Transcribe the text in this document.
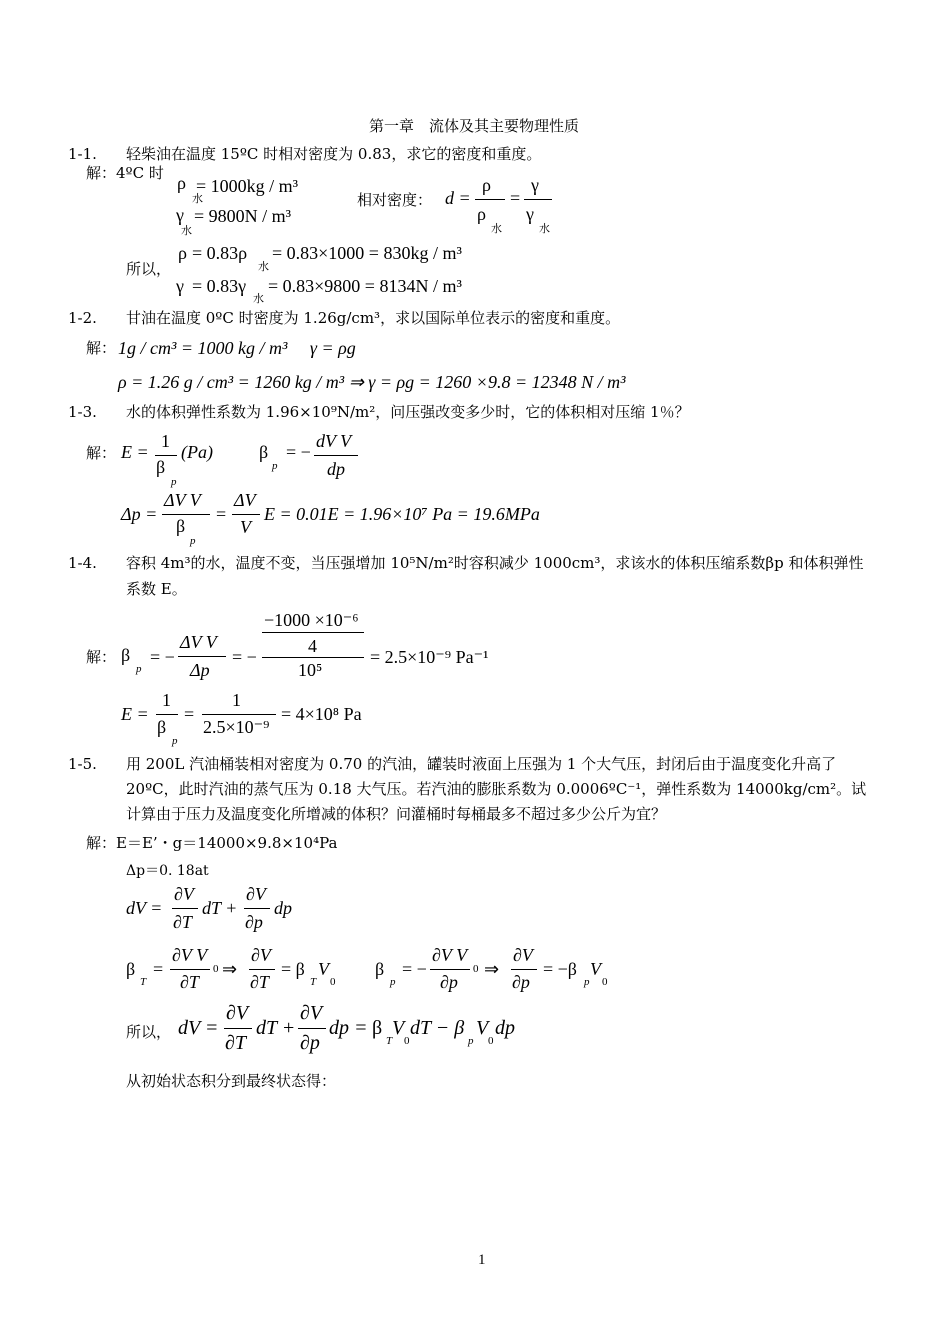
第一章　流体及其主要物理性质
1-1. 轻柴油在温度 15ºC 时相对密度为 0.83，求它的密度和重度。
解：4ºC 时 ρ
水
= 1000kg / m³
γ
水
= 9800N / m³
相对密度： d =
ρ
ρ
水
=
γ
γ
水
所以，
ρ = 0.83ρ
水
= 0.83×1000 = 830kg / m³
γ = 0.83γ
水
= 0.83×9800 = 8134N / m³
1-2. 甘油在温度 0ºC 时密度为 1.26g/cm³，求以国际单位表示的密度和重度。
解： 1g / cm³ = 1000 kg / m³　 γ = ρg
ρ = 1.26 g / cm³ = 1260 kg / m³ ⇒ γ = ρg = 1260 ×9.8 = 12348 N / m³
1-3. 水的体积弹性系数为 1.96×10⁹N/m²，问压强改变多少时，它的体积相对压缩 1％？
解： E =
1
β
p
(Pa)	β
p
= −
dV V
dp
Δp =
ΔV V
β
p
=
ΔV
V
E = 0.01E = 1.96×10⁷ Pa = 19.6MPa
1-4. 容积 4m³的水，温度不变，当压强增加 10⁵N/m²时容积减少 1000cm³，求该水的体积压缩系数βp 和体积弹性
系数 E。
解： β
p
= −
ΔV V
Δp
= −
−1000 ×10⁻⁶
4
10⁵
= 2.5×10⁻⁹ Pa⁻¹
E =
1
β
p
=
1
2.5×10⁻⁹
= 4×10⁸ Pa
1-5. 用 200L 汽油桶装相对密度为 0.70 的汽油，罐装时液面上压强为 1 个大气压，封闭后由于温度变化升高了
20ºC，此时汽油的蒸气压为 0.18 大气压。若汽油的膨胀系数为 0.0006ºC⁻¹，弹性系数为 14000kg/cm²。试
计算由于压力及温度变化所增减的体积？问灌桶时每桶最多不超过多少公斤为宜？
解：E＝E’・g＝14000×9.8×10⁴Pa
Δp＝0. 18at
dV =
∂V
∂T
dT +
∂V
∂p
dp
β
T
=
∂V V
0
∂T
⇒
∂V
∂T
= β
T
V
0
β
p
= −
∂V V
0
∂p
⇒
∂V
∂p
= −β
p
V
0
所以， dV =
∂V
∂T
dT +
∂V
∂p
dp = β
T
V
0
dT − β
p
V
0
dp
从初始状态积分到最终状态得：
1
